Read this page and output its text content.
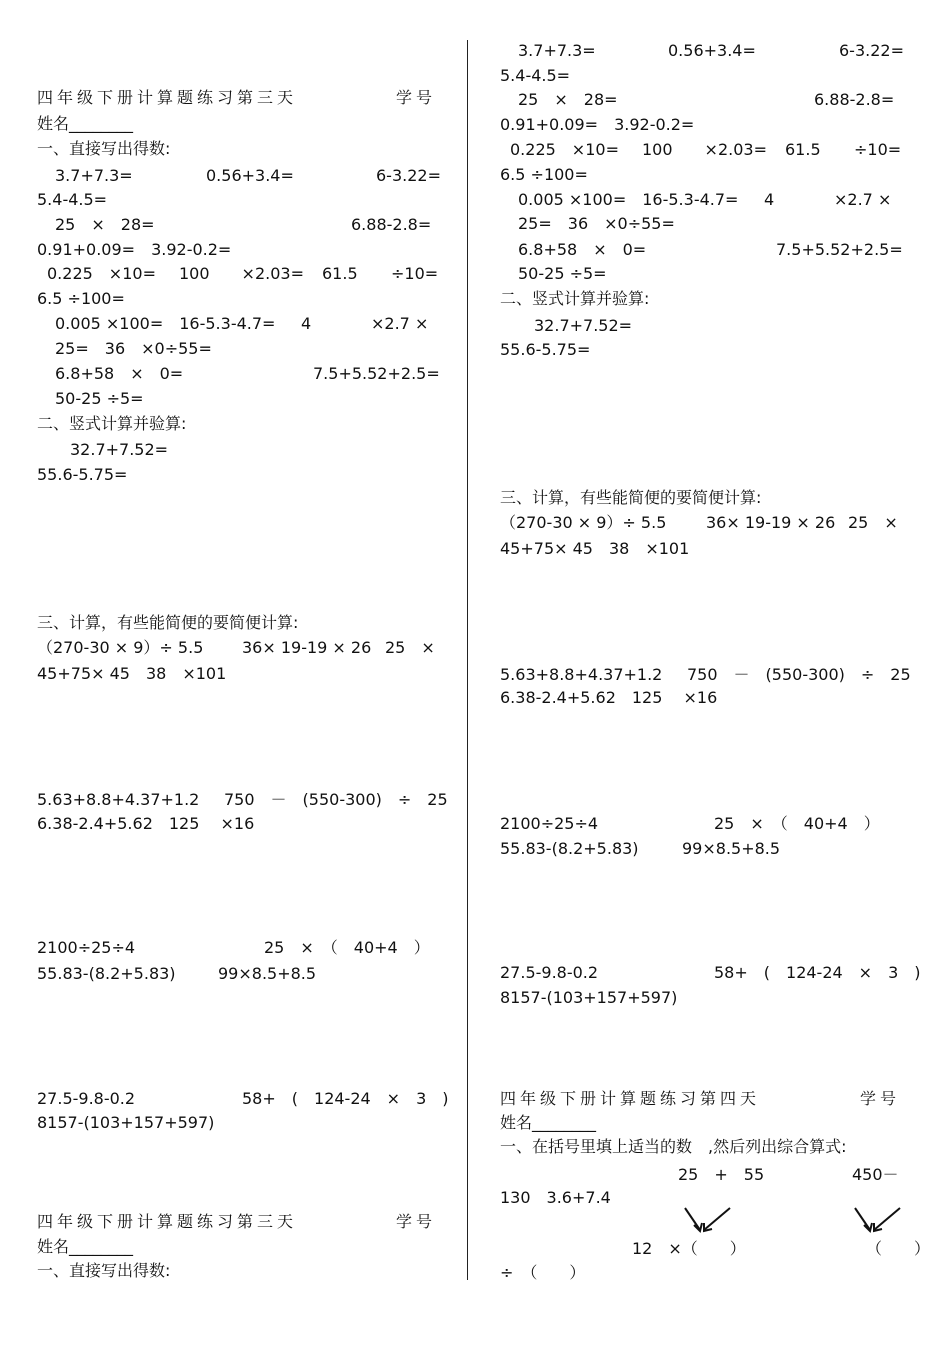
四年级下册计算题练习第三天	学号
姓名________
一、直接写出得数:
3.7+7.3=	0.56+3.4=	6-3.22=
5.4-4.5=
25　×　28=	6.88-2.8=
0.91+0.09=　3.92-0.2=
0.225　×10= 100　　×2.03= 61.5 ÷10=
6.5 ÷100=
0.005 ×100=　16-5.3-4.7= 4	×2.7 ×
25=　36　×0÷55=
6.8+58　×　0=	7.5+5.52+2.5=
50-25 ÷5=
二、竖式计算并验算:
32.7+7.52=
55.6-5.75=
三、计算，有些能简便的要简便计算:
（270-30 × 9）÷ 5.5 36× 19-19 × 26 25　×
45+75× 45　38　×101
5.63+8.8+4.37+1.2 750　－　(550-300)　÷　25
6.38-2.4+5.62　125　 ×16
2100÷25÷4	25　×　（　40+4　）
55.83-(8.2+5.83)	99×8.5+8.5
27.5-9.8-0.2	58+　(　124-24　×　3　)
8157-(103+157+597)
四年级下册计算题练习第三天	学号
姓名________
一、直接写出得数:
3.7+7.3=	0.56+3.4=	6-3.22=
5.4-4.5=
25　×　28=	6.88-2.8=
0.91+0.09=　3.92-0.2=
0.225　×10= 100　　×2.03= 61.5 ÷10=
6.5 ÷100=
0.005 ×100=　16-5.3-4.7= 4	×2.7 ×
25=　36　×0÷55=
6.8+58　×　0=	7.5+5.52+2.5=
50-25 ÷5=
二、竖式计算并验算:
32.7+7.52=
55.6-5.75=
三、计算，有些能简便的要简便计算:
（270-30 × 9）÷ 5.5 36× 19-19 × 26 25　×
45+75× 45　38　×101
5.63+8.8+4.37+1.2 750　－　(550-300)　÷　25
6.38-2.4+5.62　125　 ×16
2100÷25÷4	25　×　（　40+4　）
55.83-(8.2+5.83)	99×8.5+8.5
27.5-9.8-0.2	58+　(　124-24　×　3　)
8157-(103+157+597)
四年级下册计算题练习第四天	学号
姓名________
一、在括号里填上适当的数　,然后列出综合算式:
25　+　55	450－
130　3.6+7.4
12　×（　　）	（　　）
÷　（　　）
